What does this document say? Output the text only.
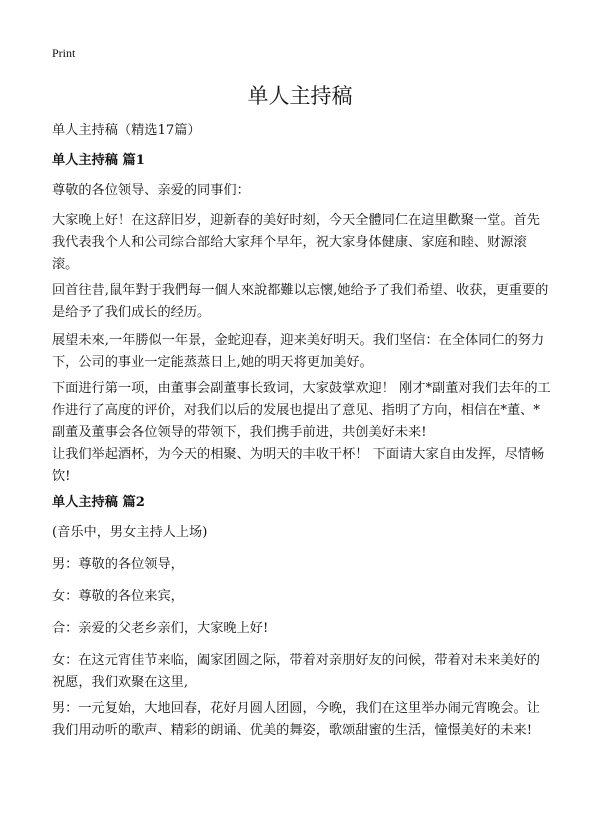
Print
单人主持稿
单人主持稿（精选17篇）
单人主持稿 篇1
尊敬的各位领导、亲爱的同事们：
大家晚上好！在这辞旧岁，迎新春的美好时刻，今天全體同仁在這里歡聚一堂。首先我代表我个人和公司综合部给大家拜个早年，祝大家身体健康、家庭和睦、财源滚滚。
回首往昔,鼠年對于我們每一個人來說都難以忘懷,她给予了我们希望、收获，更重要的是给予了我们成长的经历。
展望未來,一年勝似一年景，金蛇迎春，迎来美好明天。我们坚信：在全体同仁的努力下，公司的事业一定能蒸蒸日上,她的明天将更加美好。
下面进行第一项，由董事会副董事长致词，大家鼓掌欢迎！ 刚才*副董对我们去年的工作进行了高度的评价，对我们以后的发展也提出了意见、指明了方向，相信在*董、*副董及董事会各位领导的带领下，我们携手前进，共创美好未来!
让我们举起酒杯，为今天的相聚、为明天的丰收干杯！ 下面请大家自由发挥，尽情畅饮!
单人主持稿 篇2
(音乐中，男女主持人上场)
男：尊敬的各位领导，
女：尊敬的各位来宾，
合：亲爱的父老乡亲们，大家晚上好!
女：在这元宵佳节来临，阖家团圆之际，带着对亲朋好友的问候，带着对未来美好的祝愿，我们欢聚在这里,
男：一元复始，大地回春，花好月圆人团圆，今晚，我们在这里举办闹元宵晚会。让我们用动听的歌声、精彩的朗诵、优美的舞姿，歌颂甜蜜的生活，憧憬美好的未来!
